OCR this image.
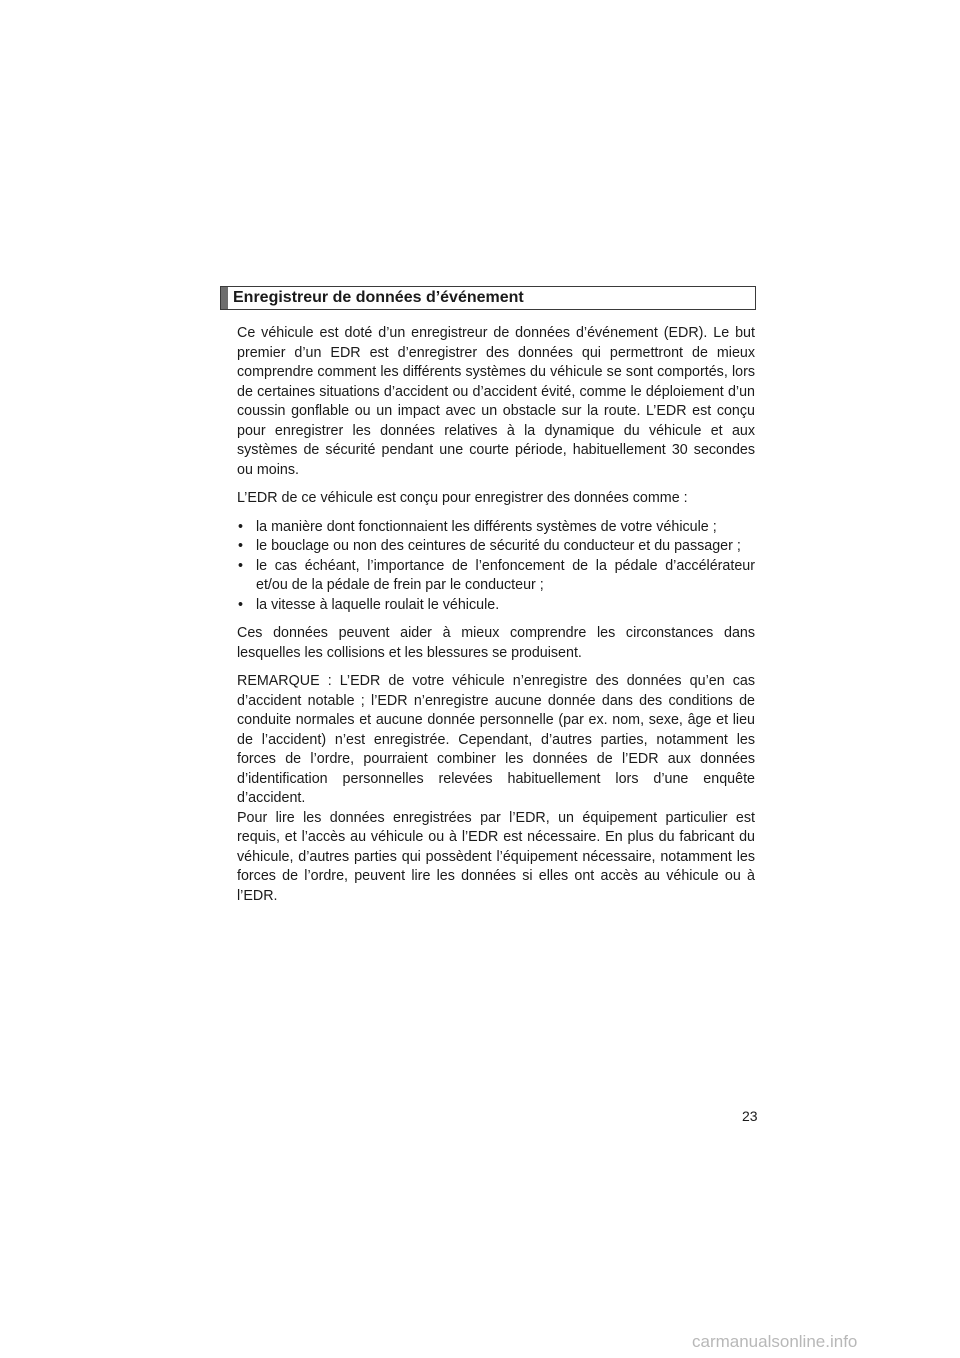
Enregistreur de données d’événement

Ce véhicule est doté d’un enregistreur de données d’événement (EDR). Le but premier d’un EDR est d’enregistrer des données qui permettront de mieux comprendre comment les différents systèmes du véhicule se sont comportés, lors de certaines situations d’accident ou d’accident évité, comme le déploiement d’un coussin gonflable ou un impact avec un obstacle sur la route. L’EDR est conçu pour enregistrer les données relatives à la dynamique du véhicule et aux systèmes de sécurité pendant une courte période, habituellement 30 secondes ou moins.

L’EDR de ce véhicule est conçu pour enregistrer des données comme :

• la manière dont fonctionnaient les différents systèmes de votre véhicule ;
• le bouclage ou non des ceintures de sécurité du conducteur et du passager ;
• le cas échéant, l’importance de l’enfoncement de la pédale d’accélérateur et/ou de la pédale de frein par le conducteur ;
• la vitesse à laquelle roulait le véhicule.

Ces données peuvent aider à mieux comprendre les circonstances dans lesquelles les collisions et les blessures se produisent.

REMARQUE : L’EDR de votre véhicule n’enregistre des données qu’en cas d’accident notable ; l’EDR n’enregistre aucune donnée dans des conditions de conduite normales et aucune donnée personnelle (par ex. nom, sexe, âge et lieu de l’accident) n’est enregistrée. Cependant, d’autres parties, notamment les forces de l’ordre, pourraient combiner les données de l’EDR aux données d’identification personnelles relevées habituellement lors d’une enquête d’accident.

Pour lire les données enregistrées par l’EDR, un équipement particulier est requis, et l’accès au véhicule ou à l’EDR est nécessaire. En plus du fabricant du véhicule, d’autres parties qui possèdent l’équipement nécessaire, notamment les forces de l’ordre, peuvent lire les données si elles ont accès au véhicule ou à l’EDR.

23
carmanualsonline.info
